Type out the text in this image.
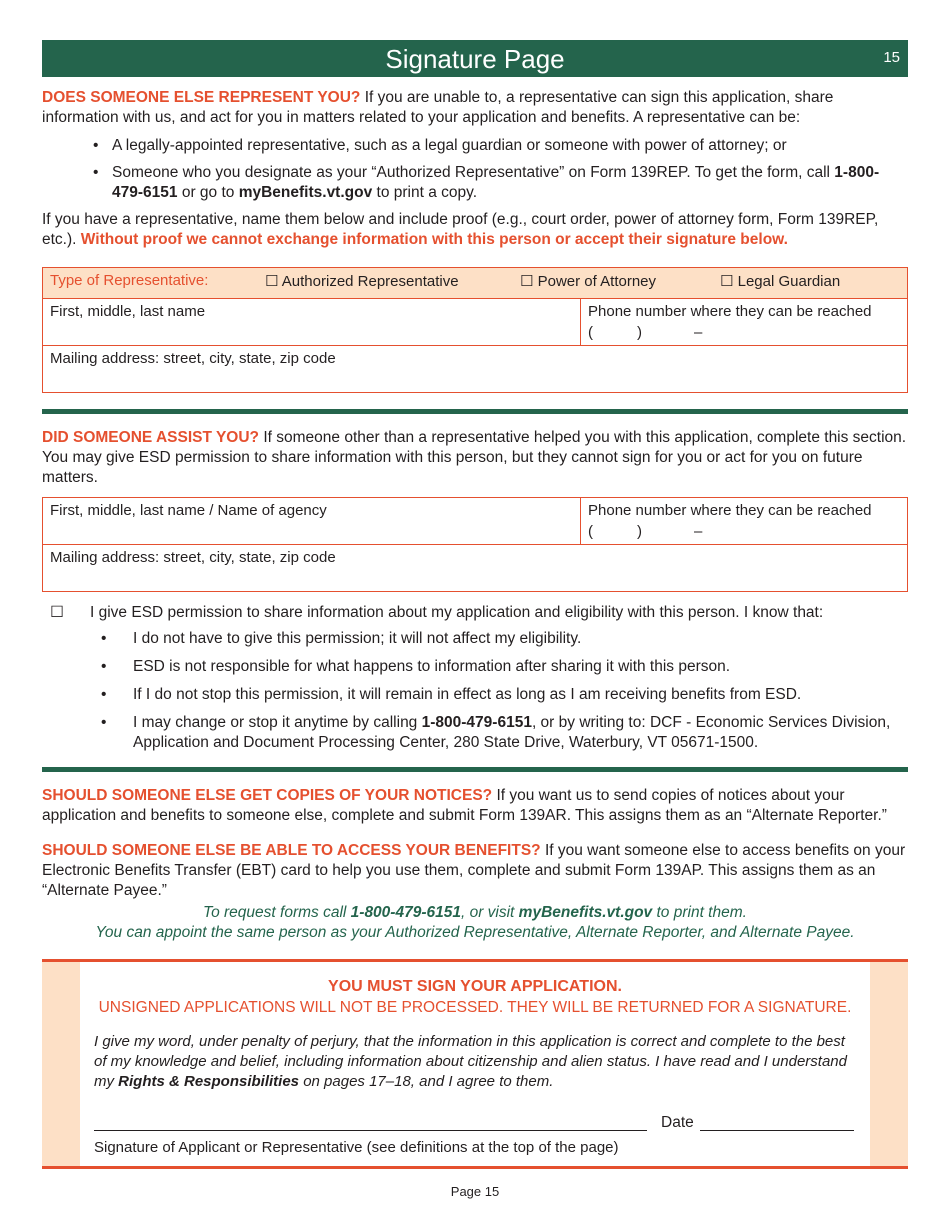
Signature Page	15

DOES SOMEONE ELSE REPRESENT YOU? If you are unable to, a representative can sign this application, share information with us, and act for you in matters related to your application and benefits. A representative can be:

• A legally-appointed representative, such as a legal guardian or someone with power of attorney; or
• Someone who you designate as your “Authorized Representative” on Form 139REP. To get the form, call 1-800-479-6151 or go to myBenefits.vt.gov to print a copy.

If you have a representative, name them below and include proof (e.g., court order, power of attorney form, Form 139REP, etc.). Without proof we cannot exchange information with this person or accept their signature below.

Type of Representative:	☐ Authorized Representative	☐ Power of Attorney	☐ Legal Guardian

First, middle, last name	Phone number where they can be reached
(	)	–

Mailing address: street, city, state, zip code

DID SOMEONE ASSIST YOU? If someone other than a representative helped you with this application, complete this section. You may give ESD permission to share information with this person, but they cannot sign for you or act for you on future matters.

First, middle, last name / Name of agency	Phone number where they can be reached
(	)	–

Mailing address: street, city, state, zip code
☐	I give ESD permission to share information about my application and eligibility with this person. I know that:
• I do not have to give this permission; it will not affect my eligibility.
• ESD is not responsible for what happens to information after sharing it with this person.
• If I do not stop this permission, it will remain in effect as long as I am receiving benefits from ESD.
• I may change or stop it anytime by calling 1-800-479-6151, or by writing to: DCF - Economic Services Division, Application and Document Processing Center, 280 State Drive, Waterbury, VT 05671-1500.

SHOULD SOMEONE ELSE GET COPIES OF YOUR NOTICES? If you want us to send copies of notices about your application and benefits to someone else, complete and submit Form 139AR. This assigns them as an “Alternate Reporter.”

SHOULD SOMEONE ELSE BE ABLE TO ACCESS YOUR BENEFITS? If you want someone else to access benefits on your Electronic Benefits Transfer (EBT) card to help you use them, complete and submit Form 139AP. This assigns them as an “Alternate Payee.”

To request forms call 1-800-479-6151, or visit myBenefits.vt.gov to print them.
You can appoint the same person as your Authorized Representative, Alternate Reporter, and Alternate Payee.
YOU MUST SIGN YOUR APPLICATION.
UNSIGNED APPLICATIONS WILL NOT BE PROCESSED. THEY WILL BE RETURNED FOR A SIGNATURE.
I give my word, under penalty of perjury, that the information in this application is correct and complete to the best of my knowledge and belief, including information about citizenship and alien status. I have read and I understand my Rights & Responsibilities on pages 17–18, and I agree to them.
Date
Signature of Applicant or Representative (see definitions at the top of the page)
Page 15
